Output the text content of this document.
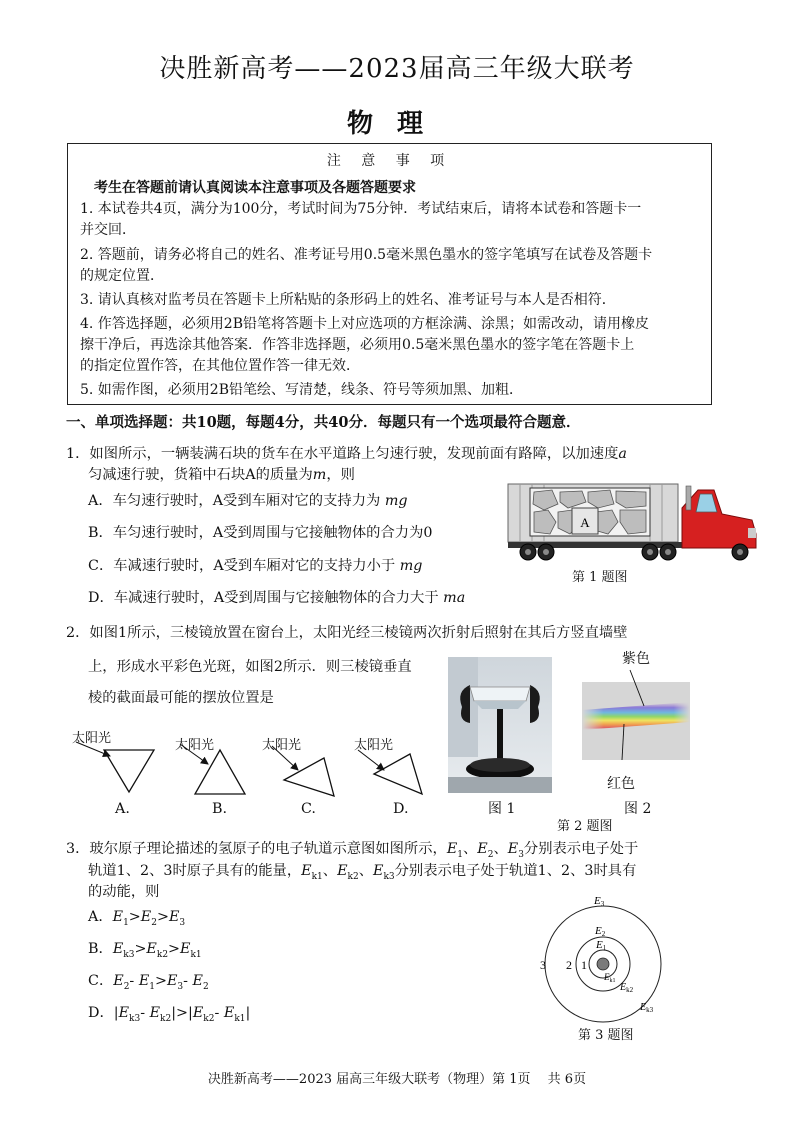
决胜新高考——2023届高三年级大联考
物理
注 意 事 项
考生在答题前请认真阅读本注意事项及各题答题要求
1. 本试卷共4页，满分为100分，考试时间为75分钟．考试结束后，请将本试卷和答题卡一
并交回．
2. 答题前，请务必将自己的姓名、准考证号用0.5毫米黑色墨水的签字笔填写在试卷及答题卡
的规定位置．
3. 请认真核对监考员在答题卡上所粘贴的条形码上的姓名、准考证号与本人是否相符．
4. 作答选择题，必须用2B铅笔将答题卡上对应选项的方框涂满、涂黑；如需改动，请用橡皮
擦干净后，再选涂其他答案．作答非选择题，必须用0.5毫米黑色墨水的签字笔在答题卡上
的指定位置作答，在其他位置作答一律无效．
5. 如需作图，必须用2B铅笔绘、写清楚，线条、符号等须加黑、加粗．
一、单项选择题：共10题，每题4分，共40分．每题只有一个选项最符合题意．
1．如图所示，一辆装满石块的货车在水平道路上匀速行驶，发现前面有路障，以加速度a
匀减速行驶，货箱中石块A的质量为m，则
A．车匀速行驶时，A受到车厢对它的支持力为 mg
B．车匀速行驶时，A受到周围与它接触物体的合力为0
C．车减速行驶时，A受到车厢对它的支持力小于 mg
D．车减速行驶时，A受到周围与它接触物体的合力大于 ma
A
第 1 题图
2．如图1所示，三棱镜放置在窗台上，太阳光经三棱镜两次折射后照射在其后方竖直墙壁
上，形成水平彩色光斑，如图2所示．则三棱镜垂直
棱的截面最可能的摆放位置是
太阳光	太阳光	太阳光	太阳光
A.	B.	C.	D.
紫色
红色
图 1	图 2
第 2 题图
3．玻尔原子理论描述的氢原子的电子轨道示意图如图所示，$E_1$、$E_2$、$E_3$分别表示电子处于
轨道1、2、3时原子具有的能量，$E_{k1}$、$E_{k2}$、$E_{k3}$分别表示电子处于轨道1、2、3时具有
的动能，则
A．$E_1>E_2>E_3$
B．$E_{k3}>E_{k2}>E_{k1}$
C．$E_2-$ $E_1>E_3-$ $E_2$
D．$|E_{k3}-$ $E_{k2}|>|E_{k2}-$ $E_{k1}|$
3 2 1
E3
E2
E1
$E_{k1}$
$E_{k2}$
$E_{k3}$
第 3 题图
决胜新高考——2023 届高三年级大联考（物理）第 1页　 共 6页
